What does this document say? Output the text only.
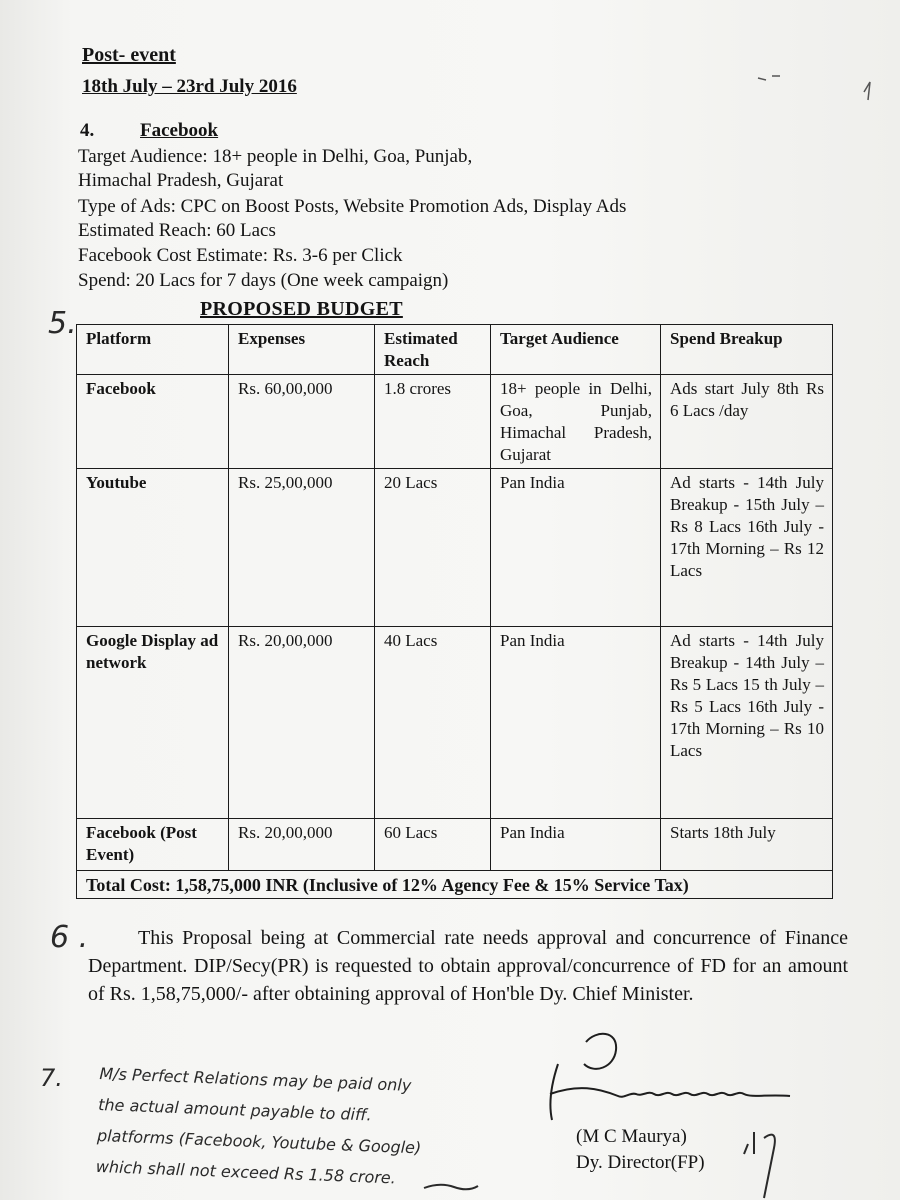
Post- event
18th July – 23rd July 2016
4. Facebook
Target Audience: 18+ people in Delhi, Goa, Punjab,
Himachal Pradesh, Gujarat
Type of Ads: CPC on Boost Posts, Website Promotion Ads, Display Ads
Estimated Reach: 60 Lacs
Facebook Cost Estimate: Rs. 3-6 per Click
Spend: 20 Lacs for 7 days (One week campaign)
PROPOSED BUDGET
5. Platform	Expenses	Estimated Reach	Target Audience	Spend Breakup
Facebook	Rs. 60,00,000	1.8 crores	18+ people in Delhi, Goa, Punjab, Himachal Pradesh, Gujarat	Ads start July 8th Rs 6 Lacs /day
Youtube	Rs. 25,00,000	20 Lacs	Pan India	Ad starts - 14th July Breakup - 15th July – Rs 8 Lacs 16th July - 17th Morning – Rs 12 Lacs
Google Display ad network	Rs. 20,00,000	40 Lacs	Pan India	Ad starts - 14th July Breakup - 14th July – Rs 5 Lacs 15 th July – Rs 5 Lacs 16th July - 17th Morning – Rs 10 Lacs
Facebook (Post Event)	Rs. 20,00,000	60 Lacs	Pan India	Starts 18th July
Total Cost: 1,58,75,000 INR (Inclusive of 12% Agency Fee & 15% Service Tax)				
6 .	This Proposal being at Commercial rate needs approval and concurrence of Finance Department. DIP/Secy(PR) is requested to obtain approval/concurrence of FD for an amount of Rs. 1,58,75,000/- after obtaining approval of Hon'ble Dy. Chief Minister.
7. M/s Perfect Relations may be paid only
the actual amount payable to diff.
platforms (Facebook, Youtube & Google)
which shall not exceed Rs 1.58 crore.
(M C Maurya)
Dy. Director(FP)
